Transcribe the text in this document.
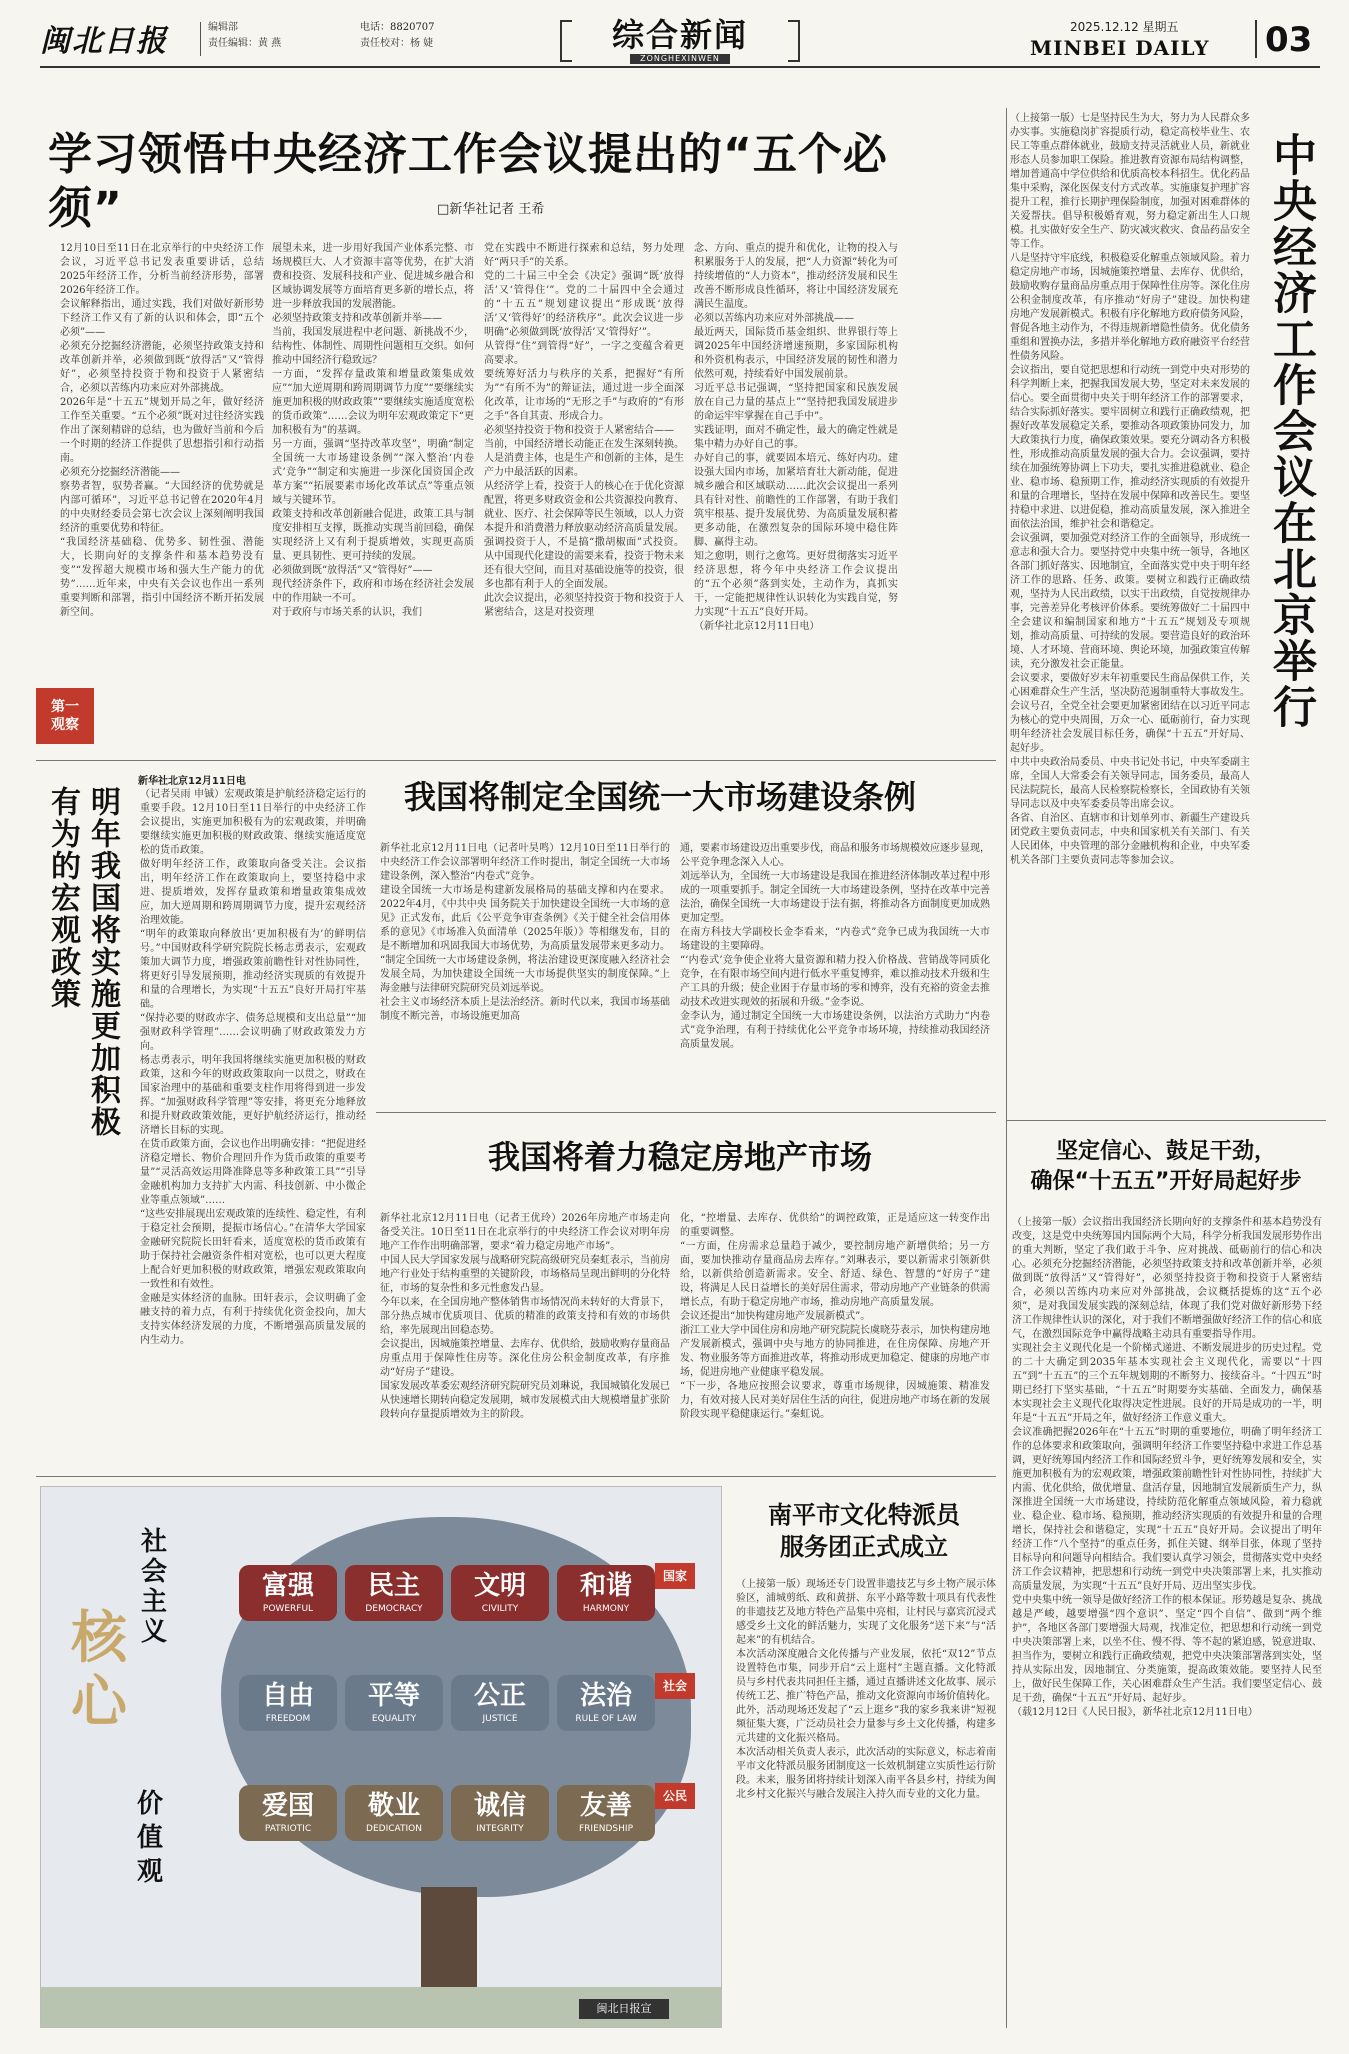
闽北日报	编辑部
责任编辑：黄 燕
电话：8820707
责任校对：杨 婕	综合新闻
ZONGHEXINWEN
2025.12.12 星期五
MINBEI DAILY 03
学习领悟中央经济工作会议提出的“五个必须”	□新华社记者 王希
12月10日至11日在北京举行的中央经济工作会议，习近平总书记发表重要讲话，总结2025年经济工作，分析当前经济形势，部署2026年经济工作。
会议解释指出，通过实践，我们对做好新形势下经济工作又有了新的认识和体会，即“五个必须”——
必须充分挖掘经济潜能，必须坚持政策支持和改革创新并举，必须做到既“放得活”又“管得好”，必须坚持投资于物和投资于人紧密结合，必须以苦练内功来应对外部挑战。
2026年是“十五五”规划开局之年，做好经济工作至关重要。“五个必须”既对过往经济实践作出了深刻精辟的总结，也为做好当前和今后一个时期的经济工作提供了思想指引和行动指南。
必须充分挖掘经济潜能——
察势者智，驭势者赢。“大国经济的优势就是内部可循环”，习近平总书记曾在2020年4月的中央财经委员会第七次会议上深刻阐明我国经济的重要优势和特征。
“我国经济基础稳、优势多、韧性强、潜能大，长期向好的支撑条件和基本趋势没有变”“发挥超大规模市场和强大生产能力的优势”……近年来，中央有关会议也作出一系列重要判断和部署，指引中国经济不断开拓发展新空间。
第一观察
展望未来，进一步用好我国产业体系完整、市场规模巨大、人才资源丰富等优势，在扩大消费和投资、发展科技和产业、促进城乡融合和区域协调发展等方面培育更多新的增长点，将进一步释放我国的发展潜能。
必须坚持政策支持和改革创新并举——
当前，我国发展进程中老问题、新挑战不少，结构性、体制性、周期性问题相互交织。如何推动中国经济行稳致远？
一方面，“发挥存量政策和增量政策集成效应”“加大逆周期和跨周期调节力度”“要继续实施更加积极的财政政策”“要继续实施适度宽松的货币政策”……会议为明年宏观政策定下“更加积极有为”的基调。
另一方面，强调“坚持改革攻坚”，明确“制定全国统一大市场建设条例”“深入整治‘内卷式’竞争”“制定和实施进一步深化国资国企改革方案”“拓展要素市场化改革试点”等重点领域与关键环节。
政策支持和改革创新融合促进，政策工具与制度安排相互支撑，既推动实现当前回稳，确保实现经济上又有利于提质增效，实现更高质量、更具韧性、更可持续的发展。
必须做到既“放得活”又“管得好”——
现代经济条件下，政府和市场在经济社会发展中的作用缺一不可。
对于政府与市场关系的认识，我们
党在实践中不断进行探索和总结，努力处理好“两只手”的关系。
党的二十届三中全会《决定》强调“既‘放得活’又‘管得住’”。党的二十届四中全会通过的“十五五”规划建议提出“形成既‘放得活’又‘管得好’的经济秩序”。此次会议进一步明确“必须做到既‘放得活’又‘管得好’”。
从管得“住”到管得“好”，一字之变蕴含着更高要求。
要统筹好活力与秩序的关系，把握好“有所为”“有所不为”的辩证法，通过进一步全面深化改革，让市场的“无形之手”与政府的“有形之手”各自其责、形成合力。
必须坚持投资于物和投资于人紧密结合——
当前，中国经济增长动能正在发生深刻转换。人是消费主体，也是生产和创新的主体，是生产力中最活跃的因素。
从经济学上看，投资于人的核心在于优化资源配置，将更多财政资金和公共资源投向教育、就业、医疗、社会保障等民生领域，以人力资本提升和消费潜力释放驱动经济高质量发展。
强调投资于人，不是搞“撒胡椒面”式投资。从中国现代化建设的需要来看，投资于物未来还有很大空间，而且对基础设施等的投资，很多也都有利于人的全面发展。
此次会议提出，必须坚持投资于物和投资于人紧密结合，这是对投资理
念、方向、重点的提升和优化，让物的投入与积累服务于人的发展，把“人力资源”转化为可持续增值的“人力资本”，推动经济发展和民生改善不断形成良性循环，将让中国经济发展充满民生温度。
必须以苦练内功来应对外部挑战——
最近两天，国际货币基金组织、世界银行等上调2025年中国经济增速预期，多家国际机构和外资机构表示，中国经济发展的韧性和潜力依然可观，持续看好中国发展前景。
习近平总书记强调，“坚持把国家和民族发展放在自己力量的基点上”“坚持把我国发展进步的命运牢牢掌握在自己手中”。
实践证明，面对不确定性，最大的确定性就是集中精力办好自己的事。
办好自己的事，就要固本培元、练好内功。建设强大国内市场，加紧培育壮大新动能，促进城乡融合和区域联动……此次会议提出一系列具有针对性、前瞻性的工作部署，有助于我们筑牢根基、提升发展优势、为高质量发展积蓄更多动能，在激烈复杂的国际环境中稳住阵脚、赢得主动。
知之愈明，则行之愈笃。更好贯彻落实习近平经济思想，将今年中央经济工作会议提出的“五个必须”落到实处，主动作为，真抓实干，一定能把规律性认识转化为实践自觉，努力实现“十五五”良好开局。
（新华社北京12月11日电）
（上接第一版）七是坚持民生为大，努力为人民群众多办实事。实施稳岗扩容提质行动，稳定高校毕业生、农民工等重点群体就业，鼓励支持灵活就业人员，新就业形态人员参加职工保险。推进教育资源布局结构调整，增加普通高中学位供给和优质高校本科招生。优化药品集中采购，深化医保支付方式改革。实施康复护理扩容提升工程，推行长期护理保险制度，加强对困难群体的关爱帮扶。倡导积极婚育观，努力稳定新出生人口规模。扎实做好安全生产、防灾减灾救灾、食品药品安全等工作。
八是坚持守牢底线，积极稳妥化解重点领域风险。着力稳定房地产市场，因城施策控增量、去库存、优供给，鼓励收购存量商品房重点用于保障性住房等。深化住房公积金制度改革，有序推动“好房子”建设。加快构建房地产发展新模式。积极有序化解地方政府债务风险，督促各地主动作为，不得违规新增隐性债务。优化债务重组和置换办法，多措并举化解地方政府融资平台经营性债务风险。
会议指出，要自觉把思想和行动统一到党中央对形势的科学判断上来，把握我国发展大势，坚定对未来发展的信心。要全面贯彻中央关于明年经济工作的部署要求，结合实际抓好落实。要牢固树立和践行正确政绩观，把握好改革发展稳定关系，要推动各项政策协同发力，加大政策执行力度，确保政策效果。要充分调动各方积极性，形成推动高质量发展的强大合力。会议强调，要持续在加强统筹协调上下功夫，要扎实推进稳就业、稳企业、稳市场、稳预期工作，推动经济实现质的有效提升和量的合理增长，坚持在发展中保障和改善民生。要坚持稳中求进、以进促稳，推动高质量发展，深入推进全面依法治国，维护社会和谐稳定。
会议强调，要加强党对经济工作的全面领导，形成统一意志和强大合力。要坚持党中央集中统一领导，各地区各部门抓好落实、因地制宜，全面落实党中央于明年经济工作的思路、任务、政策。要树立和践行正确政绩观，坚持为人民出政绩，以实干出政绩，自觉按规律办事，完善差异化考核评价体系。要统筹做好二十届四中全会建议和编制国家和地方“十五五”规划及专项规划，推动高质量、可持续的发展。要营造良好的政治环境、人才环境、营商环境、舆论环境，加强政策宣传解读，充分激发社会正能量。
会议要求，要做好岁末年初重要民生商品保供工作，关心困难群众生产生活，坚决防范遏制重特大事故发生。
会议号召，全党全社会要更加紧密团结在以习近平同志为核心的党中央周围，万众一心、砥砺前行，奋力实现明年经济社会发展目标任务，确保“十五五”开好局、起好步。
中共中央政治局委员、中央书记处书记，中央军委副主席，全国人大常委会有关领导同志，国务委员，最高人民法院院长，最高人民检察院检察长，全国政协有关领导同志以及中央军委委员等出席会议。
各省、自治区、直辖市和计划单列市、新疆生产建设兵团党政主要负责同志，中央和国家机关有关部门、有关人民团体，中央管理的部分金融机构和企业，中央军委机关各部门主要负责同志等参加会议。
中央经济工作会议在北京举行
坚定信心、鼓足干劲，
确保“十五五”开好局起好步
（上接第一版）会议指出我国经济长期向好的支撑条件和基本趋势没有改变，这是党中央统筹国内国际两个大局，科学分析我国发展形势作出的重大判断，坚定了我们敢于斗争、应对挑战、砥砺前行的信心和决心。必须充分挖掘经济潜能，必须坚持政策支持和改革创新并举，必须做到既“放得活”又“管得好”，必须坚持投资于物和投资于人紧密结合，必须以苦练内功来应对外部挑战，会议概括提炼的这“五个必须”，是对我国发展实践的深刻总结，体现了我们党对做好新形势下经济工作规律性认识的深化，对于我们不断增强做好经济工作的信心和底气，在激烈国际竞争中赢得战略主动具有重要指导作用。
实现社会主义现代化是一个阶梯式递进、不断发展进步的历史过程。党的二十大确定到2035年基本实现社会主义现代化，需要以“十四五”到“十五五”的三个五年规划期的不断努力、接续奋斗。“十四五”时期已经打下坚实基础，“十五五”时期要夯实基础、全面发力，确保基本实现社会主义现代化取得决定性进展。良好的开局是成功的一半，明年是“十五五”开局之年，做好经济工作意义重大。
会议准确把握2026年在“十五五”时期的重要地位，明确了明年经济工作的总体要求和政策取向，强调明年经济工作要坚持稳中求进工作总基调，更好统筹国内经济工作和国际经贸斗争，更好统筹发展和安全，实施更加积极有为的宏观政策，增强政策前瞻性针对性协同性，持续扩大内需、优化供给，做优增量、盘活存量，因地制宜发展新质生产力，纵深推进全国统一大市场建设，持续防范化解重点领域风险，着力稳就业、稳企业、稳市场、稳预期，推动经济实现质的有效提升和量的合理增长，保持社会和谐稳定，实现“十五五”良好开局。会议提出了明年经济工作“八个坚持”的重点任务，抓住关键、纲举目张，体现了坚持目标导向和问题导向相结合。我们要认真学习领会，贯彻落实党中央经济工作会议精神，把思想和行动统一到党中央决策部署上来，扎实推动高质量发展，为实现“十五五”良好开局、迈出坚实步伐。
党中央集中统一领导是做好经济工作的根本保证。形势越是复杂、挑战越是严峻，越要增强“四个意识”、坚定“四个自信”、做到“两个维护”，各地区各部门要增强大局观，找准定位，把思想和行动统一到党中央决策部署上来，以坐不住、慢不得、等不起的紧迫感，锐意进取、担当作为，要树立和践行正确政绩观，把党中央决策部署落到实处，坚持从实际出发，因地制宜、分类施策，提高政策效能。要坚持人民至上，做好民生保障工作，关心困难群众生产生活。我们要坚定信心、鼓足干劲，确保“十五五”开好局、起好步。
（载12月12日《人民日报》，新华社北京12月11日电）
新华社北京12月11日电
明年我国将实施更加积极有为的宏观政策	（记者吴雨 申铖）宏观政策是护航经济稳定运行的重要手段。12月10日至11日举行的中央经济工作会议提出，实施更加积极有为的宏观政策，并明确要继续实施更加积极的财政政策、继续实施适度宽松的货币政策。
做好明年经济工作，政策取向备受关注。会议指出，明年经济工作在政策取向上，要坚持稳中求进、提质增效，发挥存量政策和增量政策集成效应，加大逆周期和跨周期调节力度，提升宏观经济治理效能。
“明年的政策取向释放出‘更加积极有为’的鲜明信号。”中国财政科学研究院院长杨志勇表示，宏观政策加大调节力度，增强政策前瞻性针对性协同性，将更好引导发展预期，推动经济实现质的有效提升和量的合理增长，为实现“十五五”良好开局打牢基础。
“保持必要的财政赤字、债务总规模和支出总量”“加强财政科学管理”……会议明确了财政政策发力方向。
杨志勇表示，明年我国将继续实施更加积极的财政政策，这和今年的财政政策取向一以贯之，财政在国家治理中的基础和重要支柱作用将得到进一步发挥。“加强财政科学管理”等安排，将更充分地释放和提升财政政策效能，更好护航经济运行，推动经济增长目标的实现。
在货币政策方面，会议也作出明确安排：“把促进经济稳定增长、物价合理回升作为货币政策的重要考量”“灵活高效运用降准降息等多种政策工具”“引导金融机构加力支持扩大内需、科技创新、中小微企业等重点领域”……
“这些安排展现出宏观政策的连续性、稳定性，有利于稳定社会预期，提振市场信心。”在清华大学国家金融研究院院长田轩看来，适度宽松的货币政策有助于保持社会融资条件相对宽松，也可以更大程度上配合好更加积极的财政政策，增强宏观政策取向一致性和有效性。
金融是实体经济的血脉。田轩表示，会议明确了金融支持的着力点，有利于持续优化资金投向，加大支持实体经济发展的力度，不断增强高质量发展的内生动力。
我国将制定全国统一大市场建设条例
新华社北京12月11日电（记者叶昊鸣）12月10日至11日举行的中央经济工作会议部署明年经济工作时提出，制定全国统一大市场建设条例，深入整治“内卷式”竞争。
建设全国统一大市场是构建新发展格局的基础支撑和内在要求。2022年4月，《中共中央 国务院关于加快建设全国统一大市场的意见》正式发布，此后《公平竞争审查条例》《关于健全社会信用体系的意见》《市场准入负面清单（2025年版）》等相继发布，目的是不断增加和巩固我国大市场优势，为高质量发展带来更多动力。
“制定全国统一大市场建设条例，将法治建设更深度融入经济社会发展全局，为加快建设全国统一大市场提供坚实的制度保障。”上海金融与法律研究院研究员刘远举说。
社会主义市场经济本质上是法治经济。新时代以来，我国市场基础制度不断完善，市场设施更加高
通，要素市场建设迈出重要步伐，商品和服务市场规模效应逐步显现，公平竞争理念深入人心。
刘远举认为，全国统一大市场建设是我国在推进经济体制改革过程中形成的一项重要抓手。制定全国统一大市场建设条例，坚持在改革中完善法治，确保全国统一大市场建设于法有据，将推动各方面制度更加成熟更加定型。
在南方科技大学副校长金李看来，“内卷式”竞争已成为我国统一大市场建设的主要障碍。
“‘内卷式’竞争使企业将大量资源和精力投入价格战、营销战等同质化竞争，在有限市场空间内进行低水平重复博弈，难以推动技术升级和生产工具的升级；使企业困于存量市场的零和博弈，没有充裕的资金去推动技术改进实现效的拓展和升级。”金李说。
金李认为，通过制定全国统一大市场建设条例，以法治方式助力“内卷式”竞争治理，有利于持续优化公平竞争市场环境，持续推动我国经济高质量发展。
我国将着力稳定房地产市场
新华社北京12月11日电（记者王优玲）2026年房地产市场走向备受关注。10日至11日在北京举行的中央经济工作会议对明年房地产工作作出明确部署，要求“着力稳定房地产市场”。
中国人民大学国家发展与战略研究院高级研究员秦虹表示，当前房地产行业处于结构重塑的关键阶段，市场格局呈现出鲜明的分化特征，市场的复杂性和多元性愈发凸显。
今年以来，在全国房地产整体销售市场情况尚未转好的大背景下，部分热点城市优质项目、优质的精准的政策支持和有效的市场供给，率先展现出回稳态势。
会议提出，因城施策控增量、去库存、优供给，鼓励收购存量商品房重点用于保障性住房等。深化住房公积金制度改革，有序推动“好房子”建设。
国家发展改革委宏观经济研究院研究员刘琳说，我国城镇化发展已从快速增长期转向稳定发展期，城市发展模式由大规模增量扩张阶段转向存量提质增效为主的阶段。
化，“控增量、去库存、优供给”的调控政策，正是适应这一转变作出的重要调整。
“一方面，住房需求总量趋于减少，要控制房地产新增供给；另一方面，要加快推动存量商品房去库存。”刘琳表示，要以新需求引领新供给，以新供给创造新需求。安全、舒适、绿色、智慧的“好房子”建设，将满足人民日益增长的美好居住需求，带动房地产产业链条的供需增长点，有助于稳定房地产市场，推动房地产高质量发展。
会议还提出“加快构建房地产发展新模式”。
浙江工业大学中国住房和房地产研究院院长虞晓芬表示，加快构建房地产发展新模式，强调中央与地方的协同推进，在住房保障、房地产开发、物业服务等方面推进改革，将推动形成更加稳定、健康的房地产市场，促进房地产业健康平稳发展。
“下一步，各地应按照会议要求，尊重市场规律，因城施策、精准发力，有效对接人民对美好居住生活的向往，促进房地产市场在新的发展阶段实现平稳健康运行。”秦虹说。
社会主义
核心
价值观
富强
POWERFUL
民主
DEMOCRACY
文明
CIVILITY
和谐
HARMONY
国家
自由
FREEDOM
平等
EQUALITY
公正
JUSTICE
法治
RULE OF LAW
社会
爱国
PATRIOTIC
敬业
DEDICATION
诚信
INTEGRITY
友善
FRIENDSHIP
公民
闽北日报宣
南平市文化特派员
服务团正式成立
（上接第一版）现场还专门设置非遗技艺与乡土物产展示体验区，浦城剪纸、政和黄拼、东平小路等数十项具有代表性的非遗技艺及地方特色产品集中亮相，让村民与嘉宾沉浸式感受乡土文化的鲜活魅力，实现了文化服务“送下来”与“活起来”的有机结合。
本次活动深度融合文化传播与产业发展，依托“双12”节点设置特色市集，同步开启“云上逛村”主题直播。文化特派员与乡村代表共同担任主播，通过直播讲述文化故事、展示传统工艺、推广特色产品，推动文化资源向市场价值转化。此外，活动现场还发起了“云上逛乡”我的家乡我来讲“短视频征集大赛，广泛动员社会力量参与乡土文化传播，构建多元共建的文化振兴格局。
本次活动相关负责人表示，此次活动的实际意义，标志着南平市文化特派员服务团制度这一长效机制建立实质性运行阶段。未来，服务团将持续计划深入南平各县乡村，持续为闽北乡村文化振兴与融合发展注入持久而专业的文化力量。
